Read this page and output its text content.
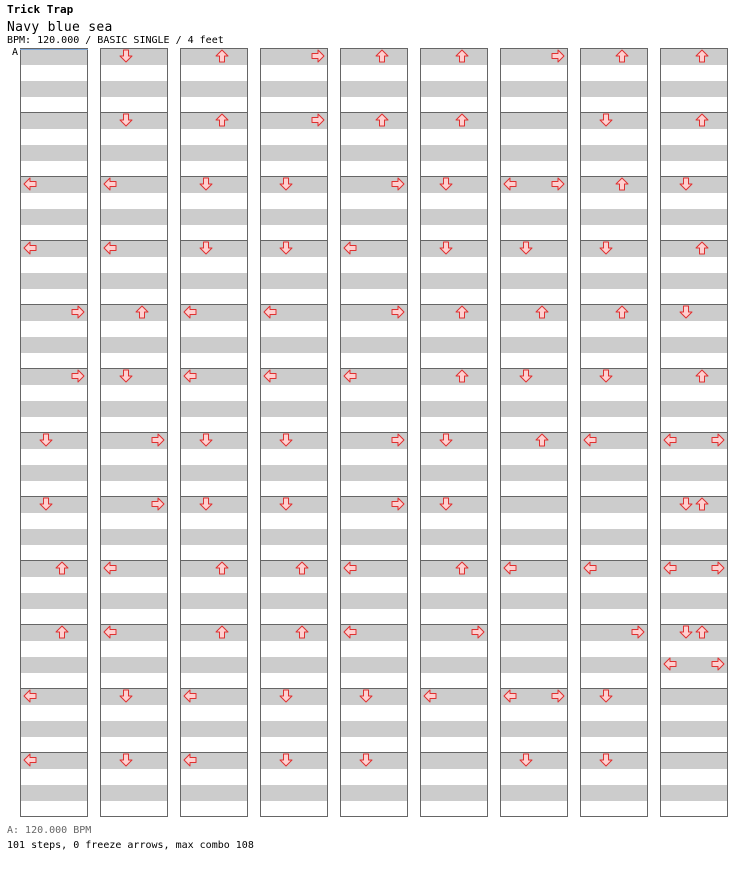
Trick Trap
Navy blue sea
BPM: 120.000 / BASIC SINGLE / 4 feet
A
A: 120.000 BPM
101 steps, 0 freeze arrows, max combo 108
